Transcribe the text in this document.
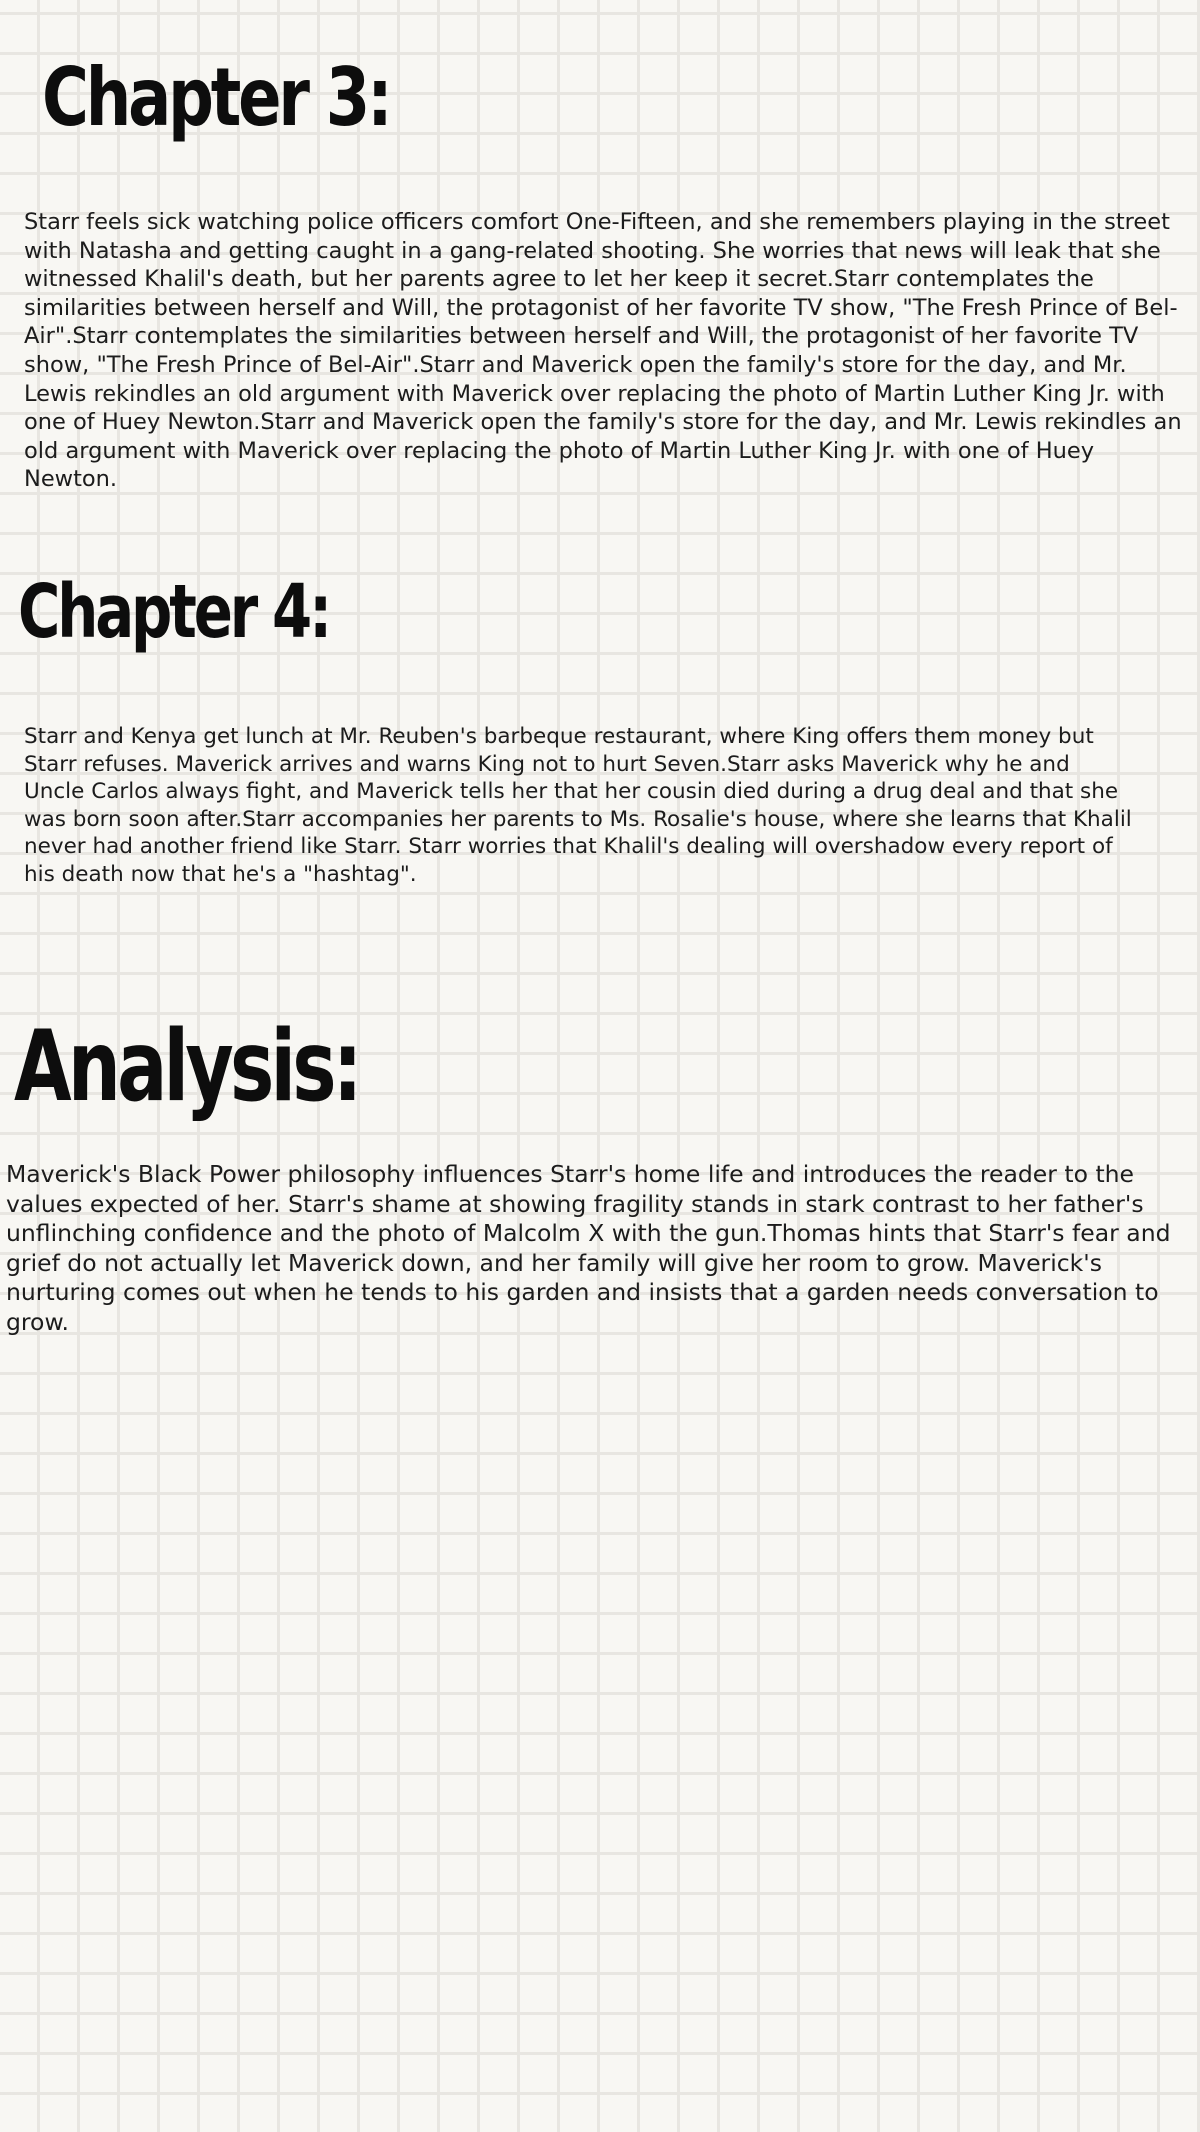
Chapter 3:

Starr feels sick watching police officers comfort One-Fifteen, and she remembers playing in the street with Natasha and getting caught in a gang-related shooting. She worries that news will leak that she witnessed Khalil's death, but her parents agree to let her keep it secret.Starr contemplates the similarities between herself and Will, the protagonist of her favorite TV show, "The Fresh Prince of Bel-Air".Starr contemplates the similarities between herself and Will, the protagonist of her favorite TV show, "The Fresh Prince of Bel-Air".Starr and Maverick open the family's store for the day, and Mr. Lewis rekindles an old argument with Maverick over replacing the photo of Martin Luther King Jr. with one of Huey Newton.Starr and Maverick open the family's store for the day, and Mr. Lewis rekindles an old argument with Maverick over replacing the photo of Martin Luther King Jr. with one of Huey Newton.

Chapter 4:

Starr and Kenya get lunch at Mr. Reuben's barbeque restaurant, where King offers them money but Starr refuses. Maverick arrives and warns King not to hurt Seven.Starr asks Maverick why he and Uncle Carlos always fight, and Maverick tells her that her cousin died during a drug deal and that she was born soon after.Starr accompanies her parents to Ms. Rosalie's house, where she learns that Khalil never had another friend like Starr. Starr worries that Khalil's dealing will overshadow every report of his death now that he's a "hashtag".

Analysis:

Maverick's Black Power philosophy influences Starr's home life and introduces the reader to the values expected of her. Starr's shame at showing fragility stands in stark contrast to her father's unflinching confidence and the photo of Malcolm X with the gun.Thomas hints that Starr's fear and grief do not actually let Maverick down, and her family will give her room to grow. Maverick's nurturing comes out when he tends to his garden and insists that a garden needs conversation to grow.
